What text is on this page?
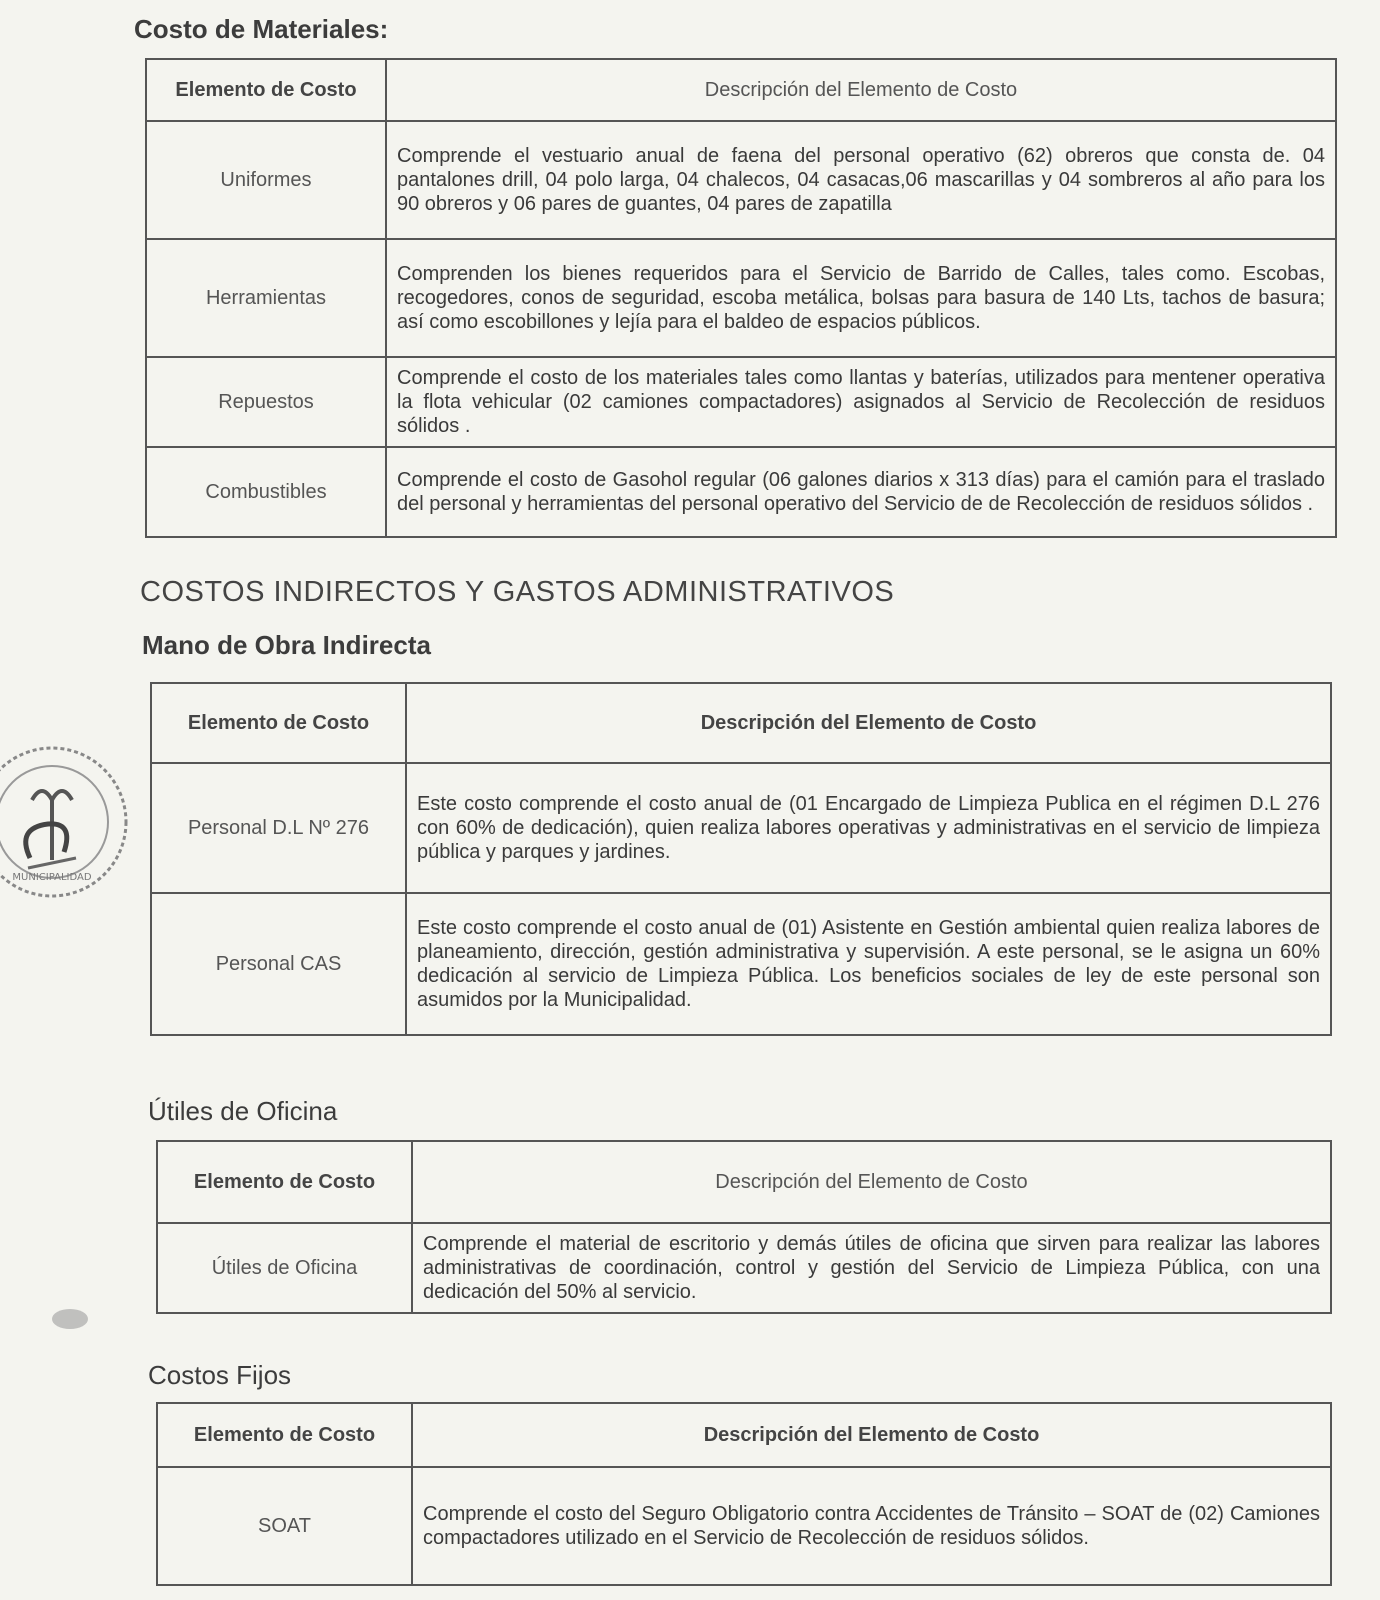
Costo de Materiales:
Elemento de Costo	Descripción del Elemento de Costo
Uniformes	Comprende el vestuario anual de faena del personal operativo (62) obreros que consta de. 04 pantalones drill, 04 polo larga, 04 chalecos, 04 casacas,06 mascarillas y 04 sombreros al año para los 90 obreros y 06 pares de guantes, 04 pares de zapatilla
Herramientas	Comprenden los bienes requeridos para el Servicio de Barrido de Calles, tales como. Escobas, recogedores, conos de seguridad, escoba metálica, bolsas para basura de 140 Lts, tachos de basura; así como escobillones y lejía para el baldeo de espacios públicos.
Repuestos	Comprende el costo de los materiales tales como llantas y baterías, utilizados para mentener operativa la flota vehicular (02 camiones compactadores) asignados al Servicio de Recolección de residuos sólidos .
Combustibles	Comprende el costo de Gasohol regular (06 galones diarios x 313 días) para el camión para el traslado del personal y herramientas del personal operativo del Servicio de de Recolección de residuos sólidos .
COSTOS INDIRECTOS Y GASTOS ADMINISTRATIVOS
Mano de Obra Indirecta
Elemento de Costo	Descripción del Elemento de Costo
Personal D.L Nº 276	Este costo comprende el costo anual de (01 Encargado de Limpieza Publica en el régimen D.L 276 con 60% de dedicación), quien realiza labores operativas y administrativas en el servicio de limpieza pública y parques y jardines.
Personal CAS	Este costo comprende el costo anual de (01) Asistente en Gestión ambiental quien realiza labores de planeamiento, dirección, gestión administrativa y supervisión. A este personal, se le asigna un 60% dedicación al servicio de Limpieza Pública. Los beneficios sociales de ley de este personal son asumidos por la Municipalidad.
Útiles de Oficina
Elemento de Costo	Descripción del Elemento de Costo
Útiles de Oficina	Comprende el material de escritorio y demás útiles de oficina que sirven para realizar las labores administrativas de coordinación, control y gestión del Servicio de Limpieza Pública, con una dedicación del 50% al servicio.
Costos Fijos
Elemento de Costo	Descripción del Elemento de Costo
SOAT	Comprende el costo del Seguro Obligatorio contra Accidentes de Tránsito – SOAT de (02) Camiones compactadores utilizado en el Servicio de Recolección de residuos sólidos.
MUNICIPALIDAD
